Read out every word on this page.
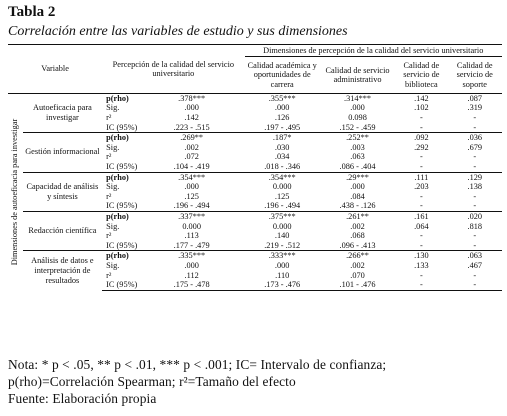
Tabla 2
Correlación entre las variables de estudio y sus dimensiones
Variable		Percepción de la calidad del servicio universitario		Dimensiones de percepción de la calidad del servicio universitario			
				Calidad académica y oportunidades de carrera	Calidad de servicio administrativo	Calidad de servicio de biblioteca	Calidad de servicio de soporte

Dimensiones de autoeficacia para investigar	Autoeficacia para investigar	p(rho)	.378***	.355***	.314***	.142	.087
		Sig.	.000	.000	.000	.102	.319
		r²	.142	.126	0.098	-	-
		IC (95%)	.223 - .515	.197 - .495	.152 - .459	-	-
	Gestión informacional	p(rho)	.269**	.187*	.252**	.092	.036
		Sig.	.002	.030	.003	.292	.679
		r²	.072	.034	.063	-	-
		IC (95%)	.104 - .419	.018 - .346	.086 - .404	-	-
	Capacidad de análisis y síntesis	p(rho)	.354***	.354***	.29***	.111	.129
		Sig.	.000	0.000	.000	.203	.138
		r²	.125	.125	.084	-	-
		IC (95%)	.196 - .494	.196 - .494	.438 - .126	-	-
	Redacción científica	p(rho)	.337***	.375***	.261**	.161	.020
		Sig.	0.000	0.000	.002	.064	.818
		r²	.113	.140	.068	-	-
		IC (95%)	.177 - .479	.219 - .512	.096 - .413	-	-
	Análisis de datos e interpretación de resultados	p(rho)	.335***	.333***	.266**	.130	.063
		Sig.	.000	.000	.002	.133	.467
		r²	.112	.110	.070	-	-
		IC (95%)	.175 - .478	.173 - .476	.101 - .476	-	-
Nota: * p < .05, ** p < .01, *** p < .001; IC= Intervalo de confianza;
p(rho)=Correlación Spearman; r²=Tamaño del efecto
Fuente: Elaboración propia
